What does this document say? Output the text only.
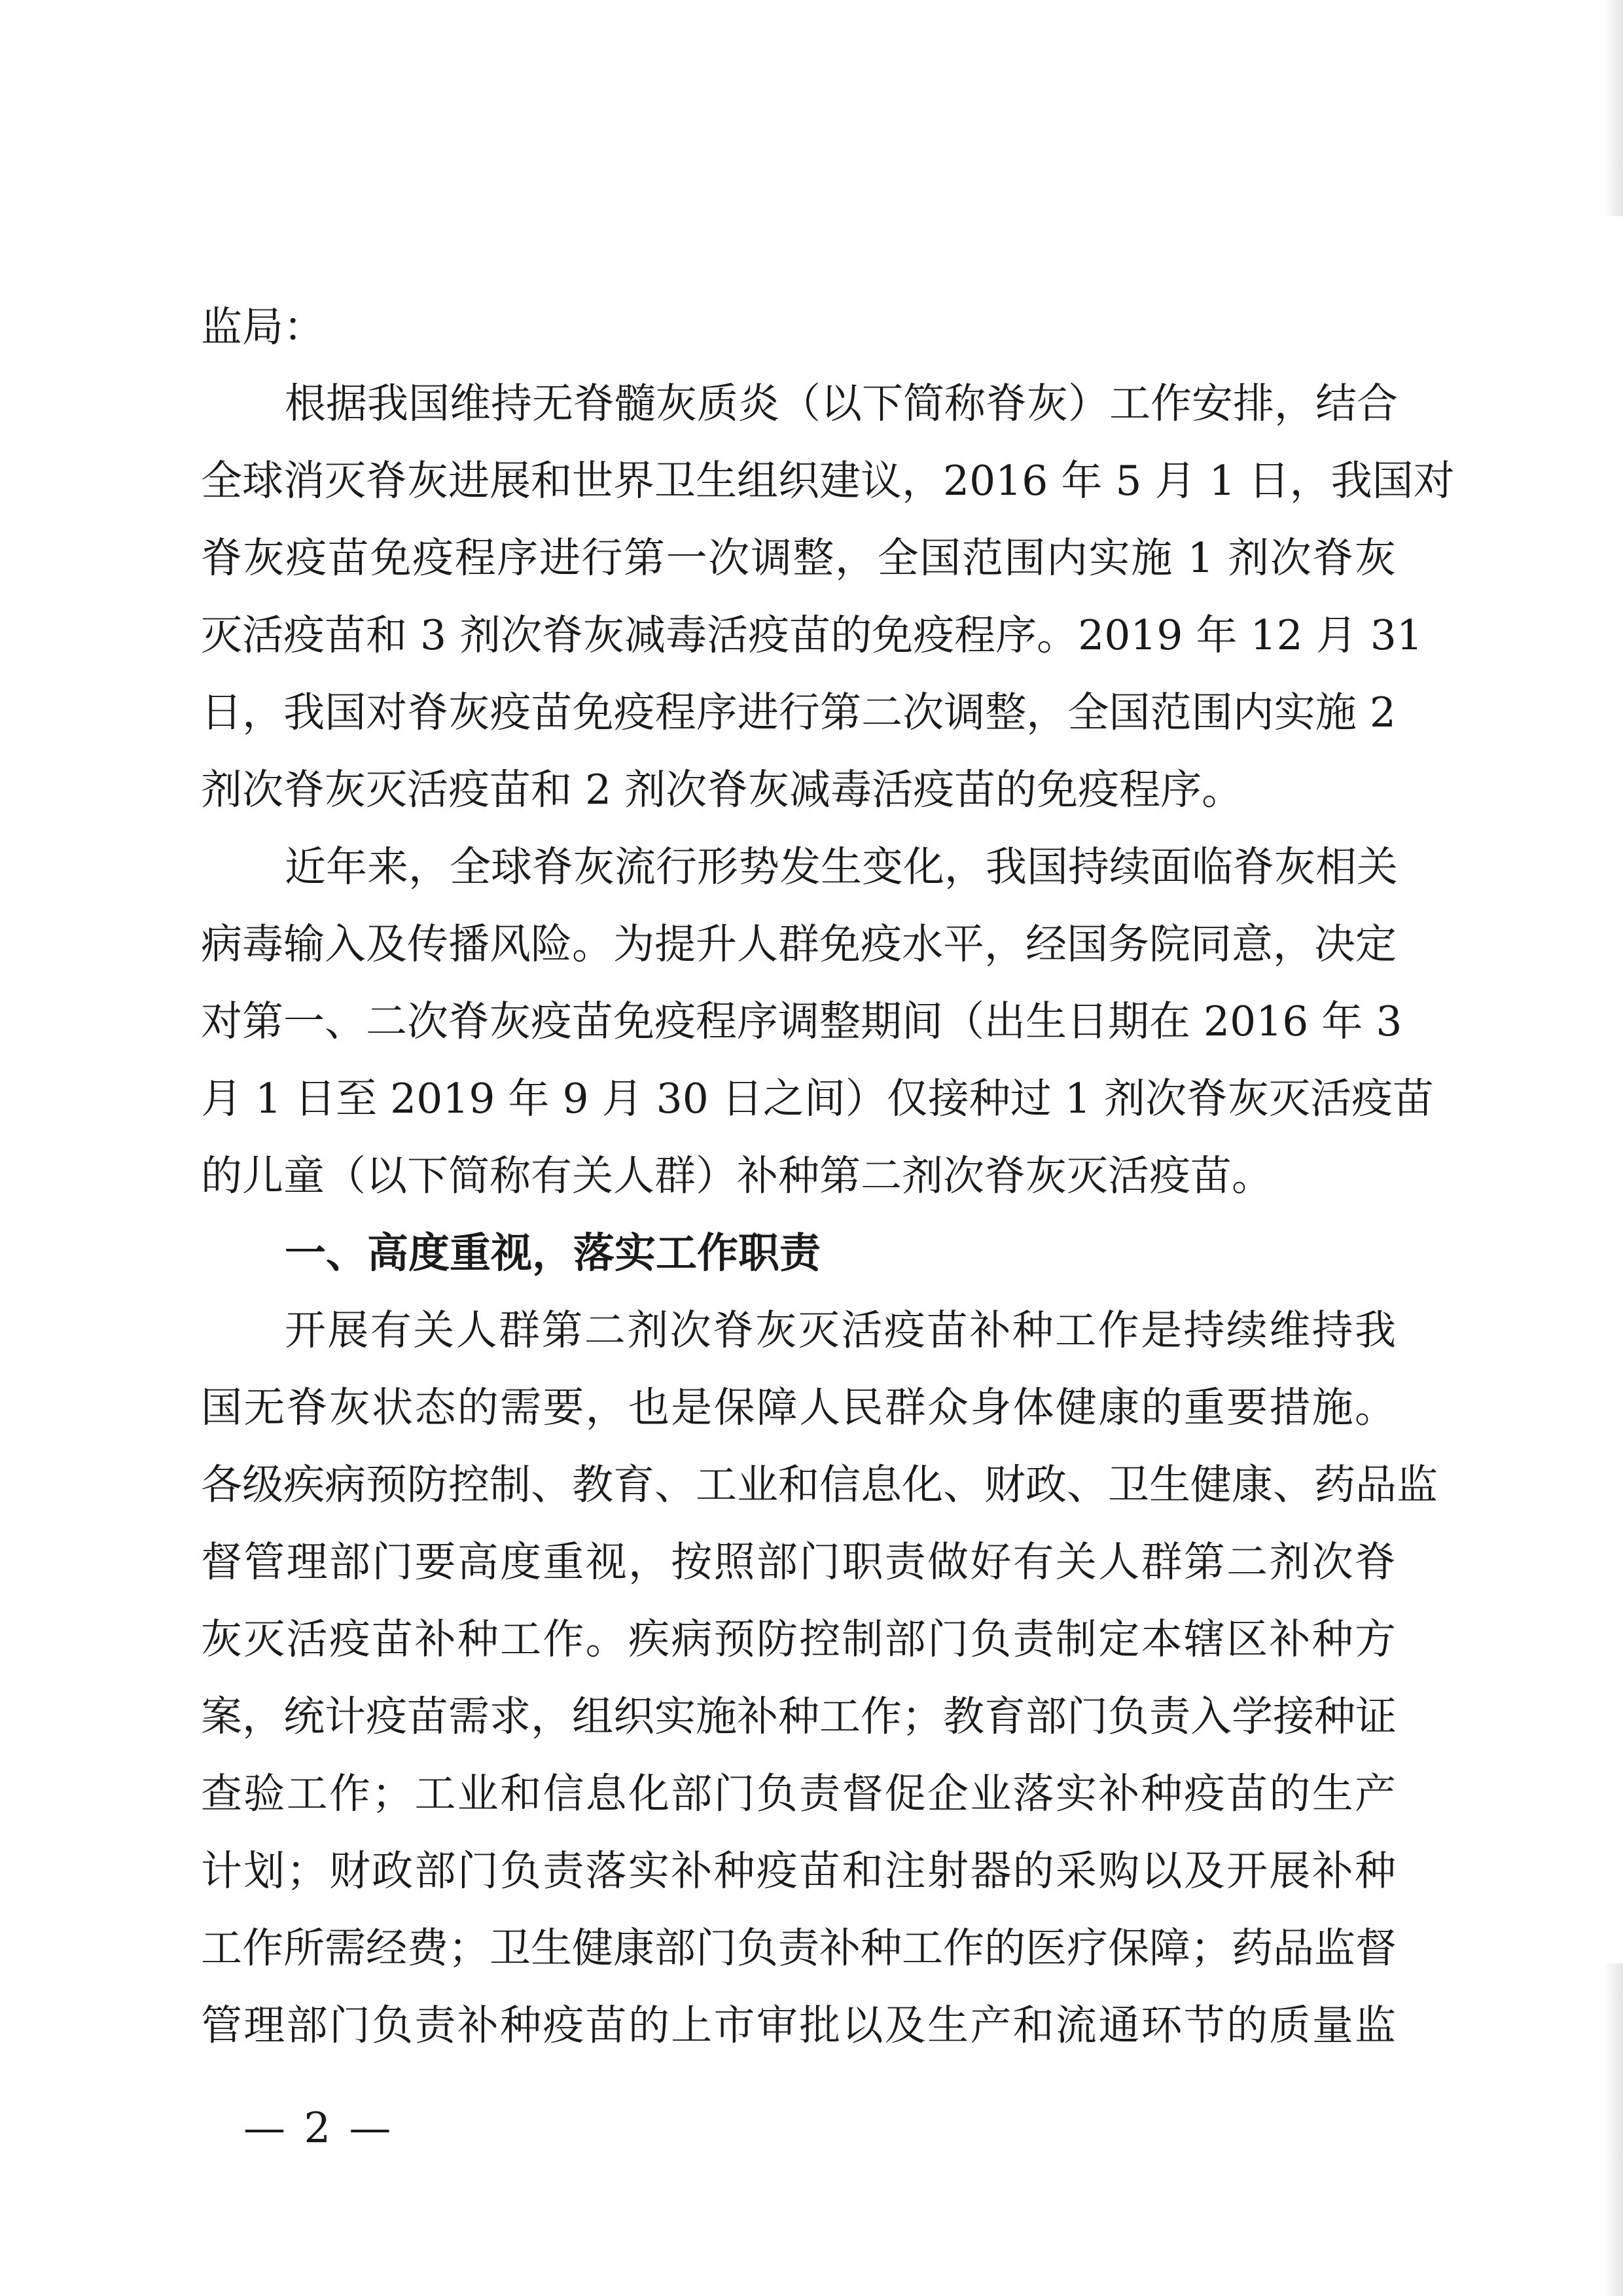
监局：
根据我国维持无脊髓灰质炎（以下简称脊灰）工作安排，结合
全球消灭脊灰进展和世界卫生组织建议，2016 年 5 月 1 日，我国对
脊灰疫苗免疫程序进行第一次调整，全国范围内实施 1 剂次脊灰
灭活疫苗和 3 剂次脊灰减毒活疫苗的免疫程序。2019 年 12 月 31
日，我国对脊灰疫苗免疫程序进行第二次调整，全国范围内实施 2
剂次脊灰灭活疫苗和 2 剂次脊灰减毒活疫苗的免疫程序。
近年来，全球脊灰流行形势发生变化，我国持续面临脊灰相关
病毒输入及传播风险。为提升人群免疫水平，经国务院同意，决定
对第一、二次脊灰疫苗免疫程序调整期间（出生日期在 2016 年 3
月 1 日至 2019 年 9 月 30 日之间）仅接种过 1 剂次脊灰灭活疫苗
的儿童（以下简称有关人群）补种第二剂次脊灰灭活疫苗。
一、高度重视，落实工作职责
开展有关人群第二剂次脊灰灭活疫苗补种工作是持续维持我
国无脊灰状态的需要，也是保障人民群众身体健康的重要措施。
各级疾病预防控制、教育、工业和信息化、财政、卫生健康、药品监
督管理部门要高度重视，按照部门职责做好有关人群第二剂次脊
灰灭活疫苗补种工作。疾病预防控制部门负责制定本辖区补种方
案，统计疫苗需求，组织实施补种工作；教育部门负责入学接种证
查验工作；工业和信息化部门负责督促企业落实补种疫苗的生产
计划；财政部门负责落实补种疫苗和注射器的采购以及开展补种
工作所需经费；卫生健康部门负责补种工作的医疗保障；药品监督
管理部门负责补种疫苗的上市审批以及生产和流通环节的质量监
— 2 —
